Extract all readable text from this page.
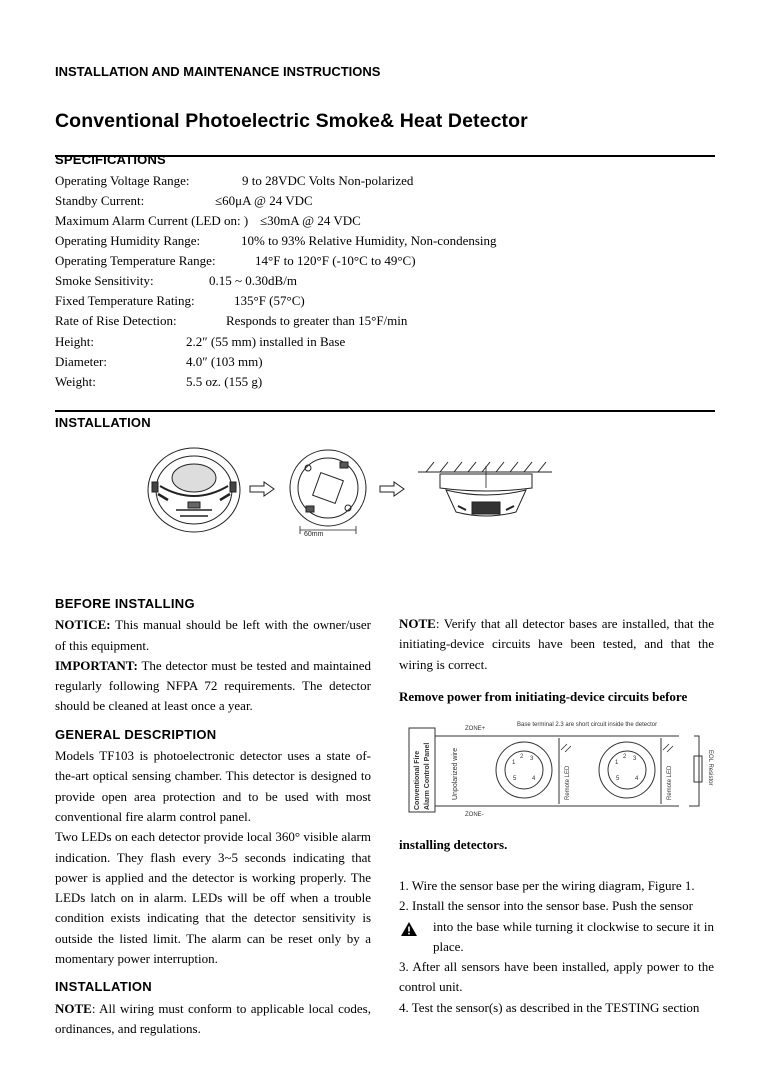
INSTALLATION AND MAINTENANCE INSTRUCTIONS
Conventional Photoelectric Smoke& Heat Detector
SPECIFICATIONS
Operating Voltage Range:	9 to 28VDC Volts Non-polarized
Standby Current:	≤60μA @ 24 VDC
Maximum Alarm Current (LED on: ) ≤30mA @ 24 VDC
Operating Humidity Range:	10% to 93% Relative Humidity, Non-condensing
Operating Temperature Range:	14°F to 120°F (-10°C to 49°C)
Smoke Sensitivity:	0.15 ~ 0.30dB/m
Fixed Temperature Rating:	135°F (57°C)
Rate of Rise Detection:	Responds to greater than 15°F/min
Height:	2.2″ (55 mm) installed in Base
Diameter:	4.0″ (103 mm)
Weight:	5.5 oz. (155 g)
INSTALLATION
60mm
BEFORE INSTALLING

NOTICE: This manual should be left with the owner/user of this equipment.

IMPORTANT: The detector must be tested and maintained regularly following NFPA 72 requirements. The detector should be cleaned at least once a year.

GENERAL DESCRIPTION

Models TF103 is photoelectronic detector uses a state of-the-art optical sensing chamber. This detector is designed to provide open area protection and to be used with most conventional fire alarm control panel.

Two LEDs on each detector provide local 360° visible alarm indication. They flash every 3~5 seconds indicating that power is applied and the detector is working properly. The LEDs latch on in alarm. LEDs will be off when a trouble condition exists indicating that the detector sensitivity is outside the listed limit. The alarm can be reset only by a momentary power interruption.

INSTALLATION

NOTE: All wiring must conform to applicable local codes, ordinances, and regulations.

NOTE: Verify that all detector bases are installed, that the initiating-device circuits have been tested, and that the wiring is correct.

Remove power from initiating-device circuits before

Conventional Fire Alarm Control Panel	Unpolarized wire
ZONE+
ZONE-
Base terminal 2.3 are short circuit inside the detector
Remote LED	Remote LED	EOL Resistor
1
2 3
4
5
1
2 3
4
5
installing detectors.

1. Wire the sensor base per the wiring diagram, Figure 1.

2. Install the sensor into the sensor base. Push the sensor

into the base while turning it clockwise to secure it in place.

3. After all sensors have been installed, apply power to the control unit.

4. Test the sensor(s) as described in the TESTING section
